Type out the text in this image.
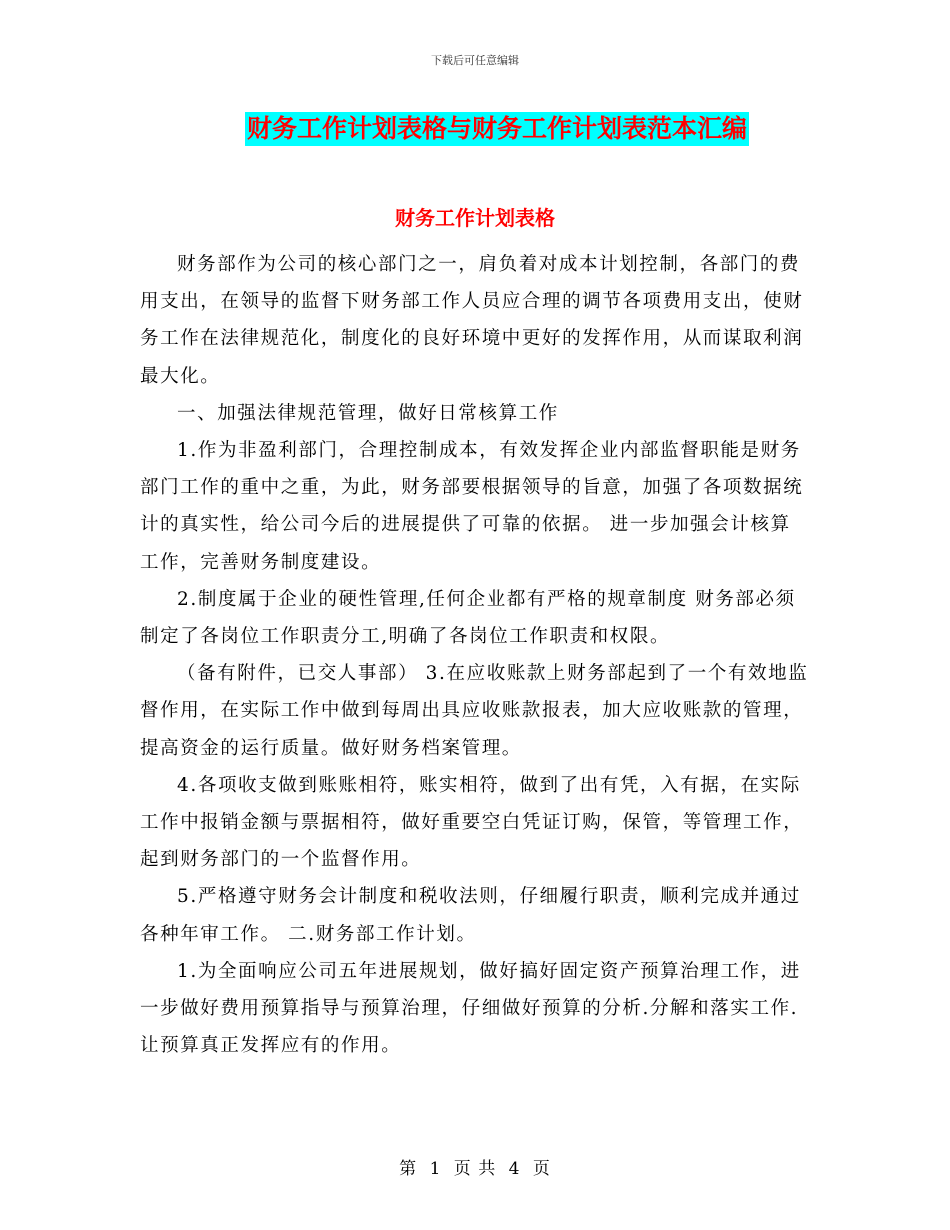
下载后可任意编辑
财务工作计划表格与财务工作计划表范本汇编
财务工作计划表格

财务部作为公司的核心部门之一，肩负着对成本计划控制，各部门的费用支出，在领导的监督下财务部工作人员应合理的调节各项费用支出，使财务工作在法律规范化，制度化的良好环境中更好的发挥作用，从而谋取利润最大化。

一、加强法律规范管理，做好日常核算工作

1.作为非盈利部门，合理控制成本，有效发挥企业内部监督职能是财务部门工作的重中之重，为此，财务部要根据领导的旨意，加强了各项数据统计的真实性，给公司今后的进展提供了可靠的依据。 进一步加强会计核算工作，完善财务制度建设。

2.制度属于企业的硬性管理,任何企业都有严格的规章制度 财务部必须制定了各岗位工作职责分工,明确了各岗位工作职责和权限。

（备有附件，已交人事部） 3.在应收账款上财务部起到了一个有效地监督作用，在实际工作中做到每周出具应收账款报表，加大应收账款的管理，提高资金的运行质量。做好财务档案管理。

4.各项收支做到账账相符，账实相符，做到了出有凭，入有据，在实际工作中报销金额与票据相符，做好重要空白凭证订购，保管，等管理工作，起到财务部门的一个监督作用。

5.严格遵守财务会计制度和税收法则，仔细履行职责，顺利完成并通过各种年审工作。 二.财务部工作计划。

1.为全面响应公司五年进展规划，做好搞好固定资产预算治理工作，进一步做好费用预算指导与预算治理，仔细做好预算的分析.分解和落实工作.让预算真正发挥应有的作用。

第 1 页 共 4 页
